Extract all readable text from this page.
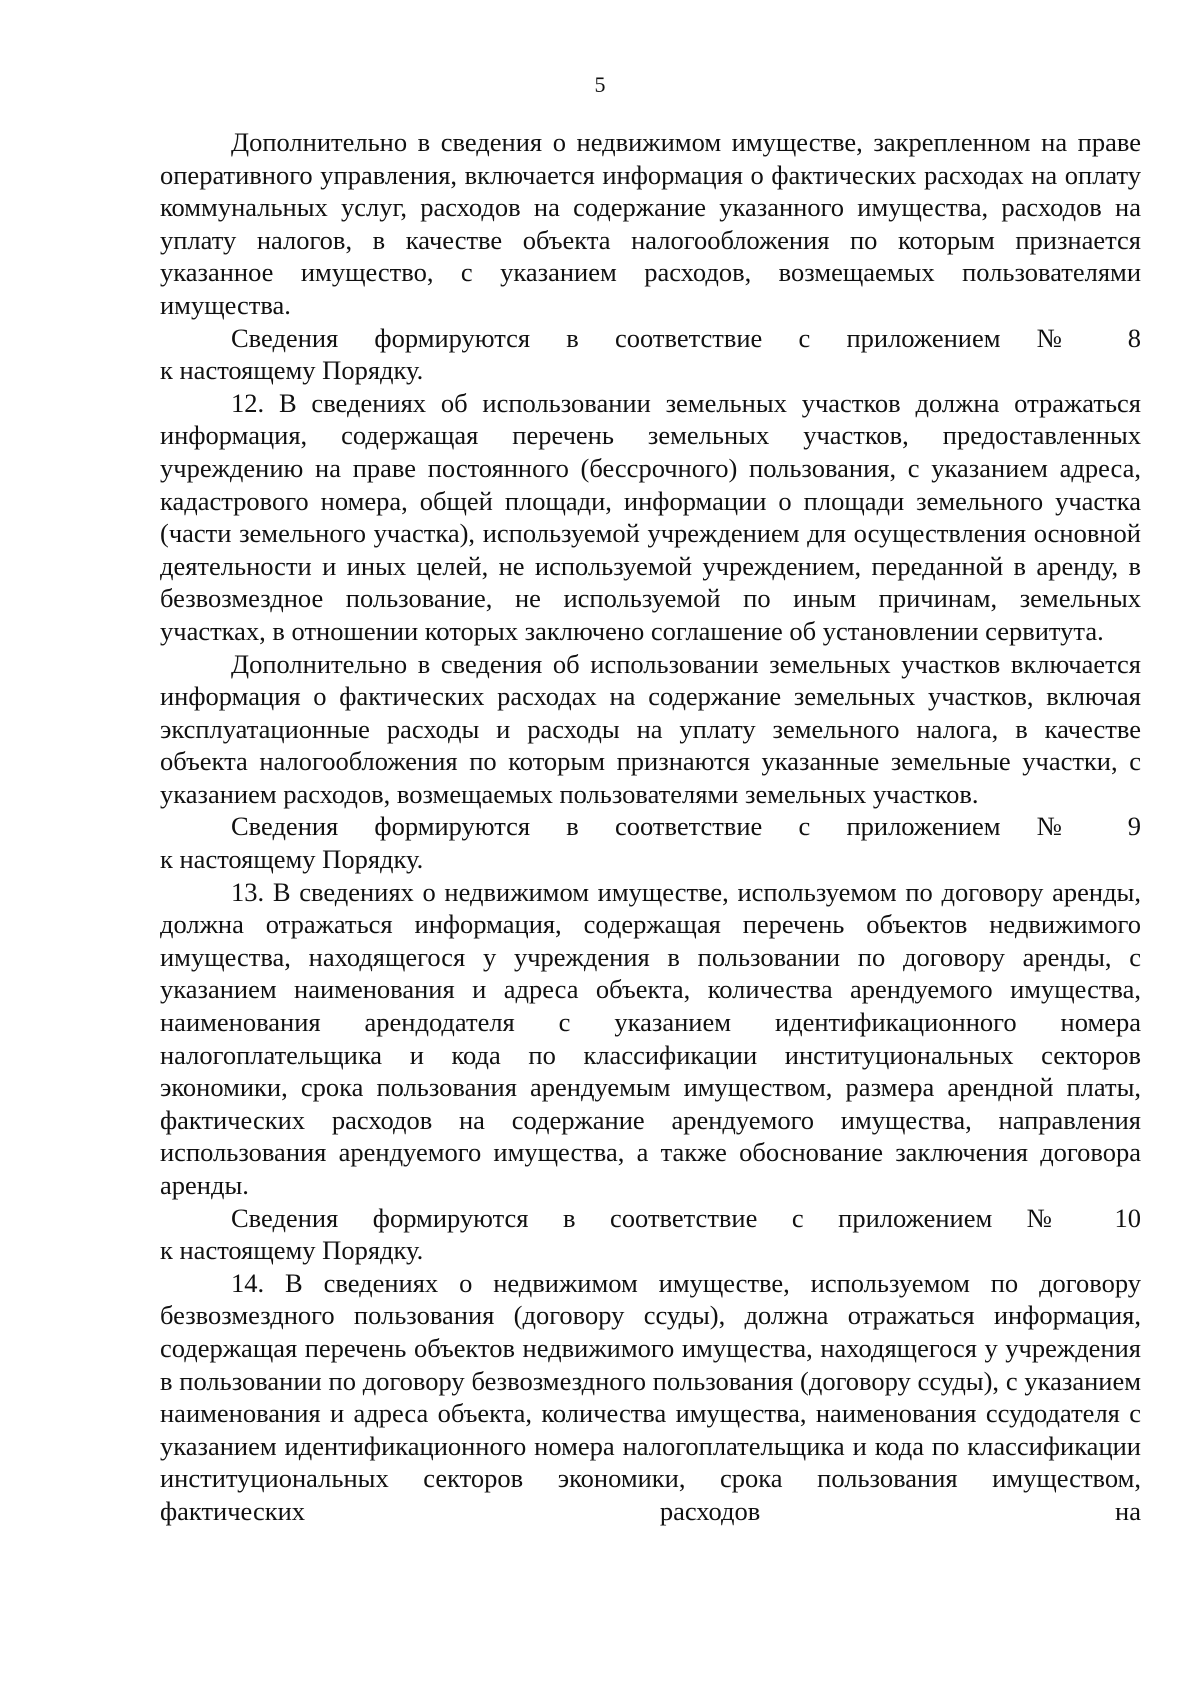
5

Дополнительно в сведения о недвижимом имуществе, закрепленном на праве оперативного управления, включается информация о фактических расходах на оплату коммунальных услуг, расходов на содержание указанного имущества, расходов на уплату налогов, в качестве объекта налогообложения по которым признается указанное имущество, с указанием расходов, возмещаемых пользователями имущества.

Сведения формируются в соответствие с приложением № 8
к настоящему Порядку.

12. В сведениях об использовании земельных участков должна отражаться информация, содержащая перечень земельных участков, предоставленных учреждению на праве постоянного (бессрочного) пользования, с указанием адреса, кадастрового номера, общей площади, информации о площади земельного участка (части земельного участка), используемой учреждением для осуществления основной деятельности и иных целей, не используемой учреждением, переданной в аренду, в безвозмездное пользование, не используемой по иным причинам, земельных участках, в отношении которых заключено соглашение об установлении сервитута.

Дополнительно в сведения об использовании земельных участков включается информация о фактических расходах на содержание земельных участков, включая эксплуатационные расходы и расходы на уплату земельного налога, в качестве объекта налогообложения по которым признаются указанные земельные участки, с указанием расходов, возмещаемых пользователями земельных участков.

Сведения формируются в соответствие с приложением № 9
к настоящему Порядку.

13. В сведениях о недвижимом имуществе, используемом по договору аренды, должна отражаться информация, содержащая перечень объектов недвижимого имущества, находящегося у учреждения в пользовании по договору аренды, с указанием наименования и адреса объекта, количества арендуемого имущества, наименования арендодателя с указанием идентификационного номера налогоплательщика и кода по классификации институциональных секторов экономики, срока пользования арендуемым имуществом, размера арендной платы, фактических расходов на содержание арендуемого имущества, направления использования арендуемого имущества, а также обоснование заключения договора аренды.

Сведения формируются в соответствие с приложением № 10
к настоящему Порядку.

14. В сведениях о недвижимом имуществе, используемом по договору безвозмездного пользования (договору ссуды), должна отражаться информация, содержащая перечень объектов недвижимого имущества, находящегося у учреждения в пользовании по договору безвозмездного пользования (договору ссуды), с указанием наименования и адреса объекта, количества имущества, наименования ссудодателя с указанием идентификационного номера налогоплательщика и кода по классификации институциональных секторов экономики, срока пользования имуществом, фактических расходов на
